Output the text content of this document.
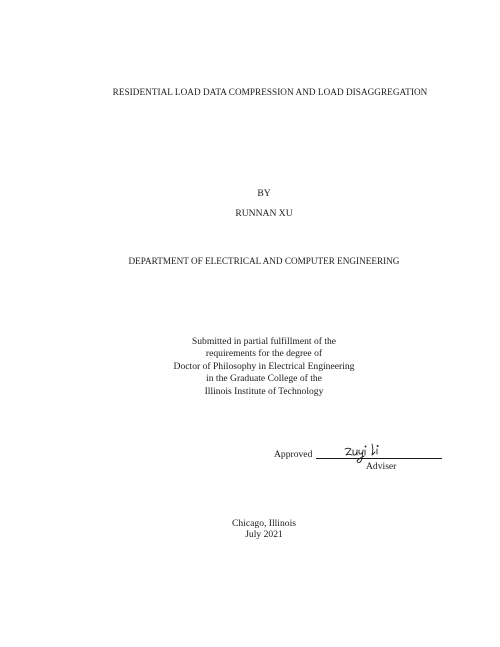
RESIDENTIAL LOAD DATA COMPRESSION AND LOAD DISAGGREGATION
BY
RUNNAN XU
DEPARTMENT OF ELECTRICAL AND COMPUTER ENGINEERING
Submitted in partial fulfillment of the
requirements for the degree of
Doctor of Philosophy in Electrical Engineering
in the Graduate College of the
Illinois Institute of Technology
Approved
Adviser
Chicago, Illinois
July 2021
